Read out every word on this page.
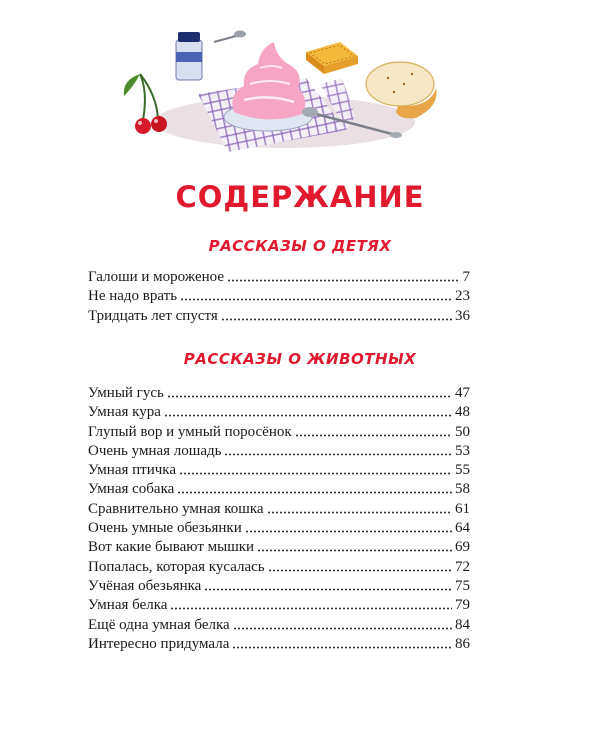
СОДЕРЖАНИЕ
РАССКАЗЫ О ДЕТЯХ
Галоши и мороженое	7
Не надо врать	23
Тридцать лет спустя	36
РАССКАЗЫ О ЖИВОТНЫХ
Умный гусь	47
Умная кура	48
Глупый вор и умный поросёнок	50
Очень умная лошадь	53
Умная птичка	55
Умная собака	58
Сравнительно умная кошка	61
Очень умные обезьянки	64
Вот какие бывают мышки	69
Попалась, которая кусалась	72
Учёная обезьянка	75
Умная белка	79
Ещё одна умная белка	84
Интересно придумала	86
